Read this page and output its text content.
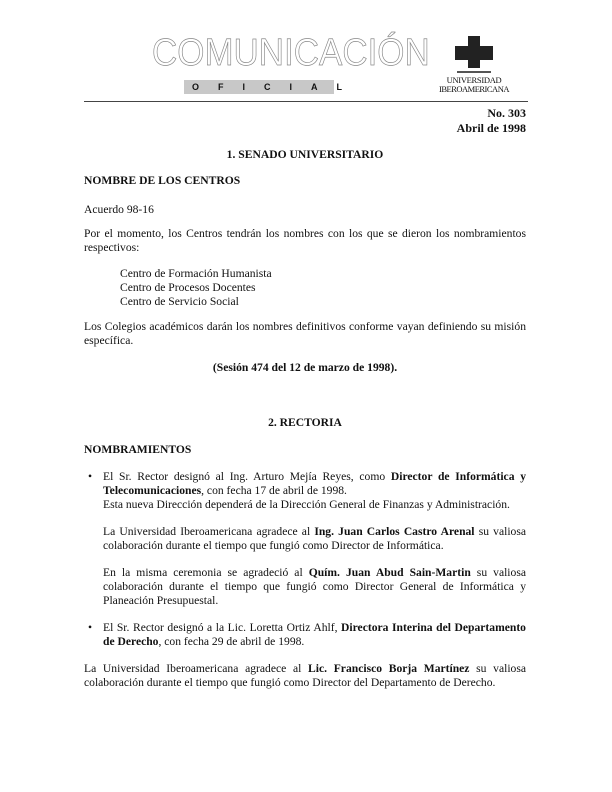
COMUNICACIÓN
OFICIAL
UNIVERSIDAD
IBEROAMERICANA
No. 303
Abril de 1998
1. SENADO UNIVERSITARIO
NOMBRE DE LOS CENTROS
Acuerdo 98-16
Por el momento, los Centros tendrán los nombres con los que se dieron los nombramientos respectivos:
Centro de Formación Humanista
Centro de Procesos Docentes
Centro de Servicio Social
Los Colegios académicos darán los nombres definitivos conforme vayan definiendo su misión específica.
(Sesión 474 del 12 de marzo de 1998).
2. RECTORIA
NOMBRAMIENTOS
• El Sr. Rector designó al Ing. Arturo Mejía Reyes, como Director de Informática y Telecomunicaciones, con fecha 17 de abril de 1998.
Esta nueva Dirección dependerá de la Dirección General de Finanzas y Administración.
La Universidad Iberoamericana agradece al Ing. Juan Carlos Castro Arenal su valiosa colaboración durante el tiempo que fungió como Director de Informática.
En la misma ceremonia se agradeció al Quím. Juan Abud Sain-Martin su valiosa colaboración durante el tiempo que fungió como Director General de Informática y Planeación Presupuestal.
• El Sr. Rector designó a la Lic. Loretta Ortiz Ahlf, Directora Interina del Departamento de Derecho, con fecha 29 de abril de 1998.
La Universidad Iberoamericana agradece al Lic. Francisco Borja Martínez su valiosa colaboración durante el tiempo que fungió como Director del Departamento de Derecho.
